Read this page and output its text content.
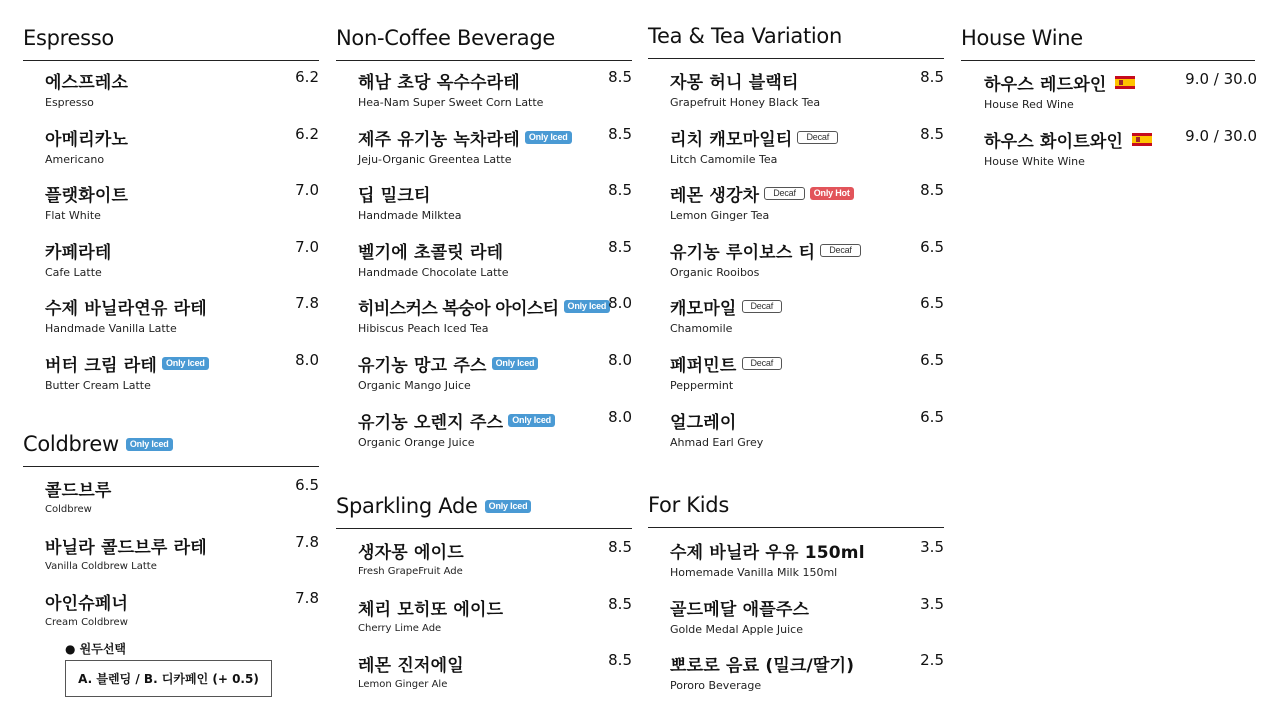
Espresso
에스프레소
Espresso
6.2
아메리카노
Americano
6.2
플랫화이트
Flat White
7.0
카페라테
Cafe Latte
7.0
수제 바닐라연유 라테
Handmade Vanilla Latte
7.8
버터 크림 라테	Only Iced
Butter Cream Latte
8.0
Coldbrew	Only Iced
콜드브루
Coldbrew
6.5
바닐라 콜드브루 라테
Vanilla Coldbrew Latte
7.8
아인슈페너
Cream Coldbrew
7.8
● 원두선택
A. 블렌딩 / B. 디카페인 (+ 0.5)
Non-Coffee Beverage
해남 초당 옥수수라테
Hea-Nam Super Sweet Corn Latte
8.5
제주 유기농 녹차라테	Only Iced
Jeju-Organic Greentea Latte
8.5
딥 밀크티
Handmade Milktea
8.5
벨기에 초콜릿 라테
Handmade Chocolate Latte
8.5
히비스커스 복숭아 아이스티	Only Iced
Hibiscus Peach Iced Tea
8.0
유기농 망고 주스	Only Iced
Organic Mango Juice
8.0
유기농 오렌지 주스	Only Iced
Organic Orange Juice
8.0
Sparkling Ade	Only Iced
생자몽 에이드
Fresh GrapeFruit Ade
8.5
체리 모히또 에이드
Cherry Lime Ade
8.5
레몬 진저에일
Lemon Ginger Ale
8.5
Tea & Tea Variation
자몽 허니 블랙티
Grapefruit Honey Black Tea
8.5
리치 캐모마일티	Decaf
Litch Camomile Tea
8.5
레몬 생강차	Decaf	Only Hot
Lemon Ginger Tea
8.5
유기농 루이보스 티	Decaf
Organic Rooibos
6.5
캐모마일	Decaf
Chamomile
6.5
페퍼민트	Decaf
Peppermint
6.5
얼그레이
Ahmad Earl Grey
6.5
For Kids
수제 바닐라 우유 150ml
Homemade Vanilla Milk 150ml
3.5
골드메달 애플주스
Golde Medal Apple Juice
3.5
뽀로로 음료 (밀크/딸기)
Pororo Beverage
2.5
House Wine
하우스 레드와인
House Red Wine
9.0 / 30.0
하우스 화이트와인
House White Wine
9.0 / 30.0
